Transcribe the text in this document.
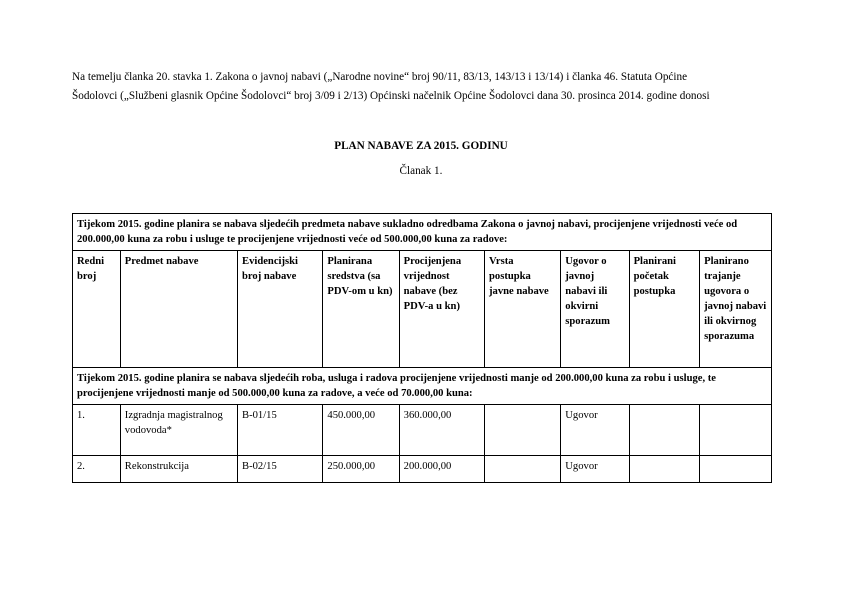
Na temelju članka 20. stavka 1. Zakona o javnoj nabavi („Narodne novine“ broj 90/11, 83/13, 143/13 i 13/14) i članka 46. Statuta Općine

Šodolovci („Službeni glasnik Općine Šodolovci“ broj 3/09 i 2/13) Općinski načelnik Općine Šodolovci dana 30. prosinca 2014. godine donosi

PLAN NABAVE ZA 2015. GODINU
Članak 1.
Tijekom 2015. godine planira se nabava sljedećih predmeta nabave sukladno odredbama Zakona o javnoj nabavi, procijenjene vrijednosti veće od 200.000,00 kuna za robu i usluge te procijenjene vrijednosti veće od 500.000,00 kuna za radove:								
Redni broj	Predmet nabave	Evidencijski broj nabave	Planirana sredstva (sa PDV-om u kn)	Procijenjena vrijednost nabave (bez PDV-a u kn)	Vrsta postupka javne nabave	Ugovor o javnoj nabavi ili okvirni sporazum	Planirani početak postupka	Planirano trajanje ugovora o javnoj nabavi ili okvirnog sporazuma
Tijekom 2015. godine planira se nabava sljedećih roba, usluga i radova procijenjene vrijednosti manje od 200.000,00 kuna za robu i usluge, te procijenjene vrijednosti manje od 500.000,00 kuna za radove, a veće od 70.000,00 kuna:								
1.	Izgradnja magistralnog vodovoda*	B-01/15	450.000,00	360.000,00		Ugovor		
2.	Rekonstrukcija	B-02/15	250.000,00	200.000,00		Ugovor		
